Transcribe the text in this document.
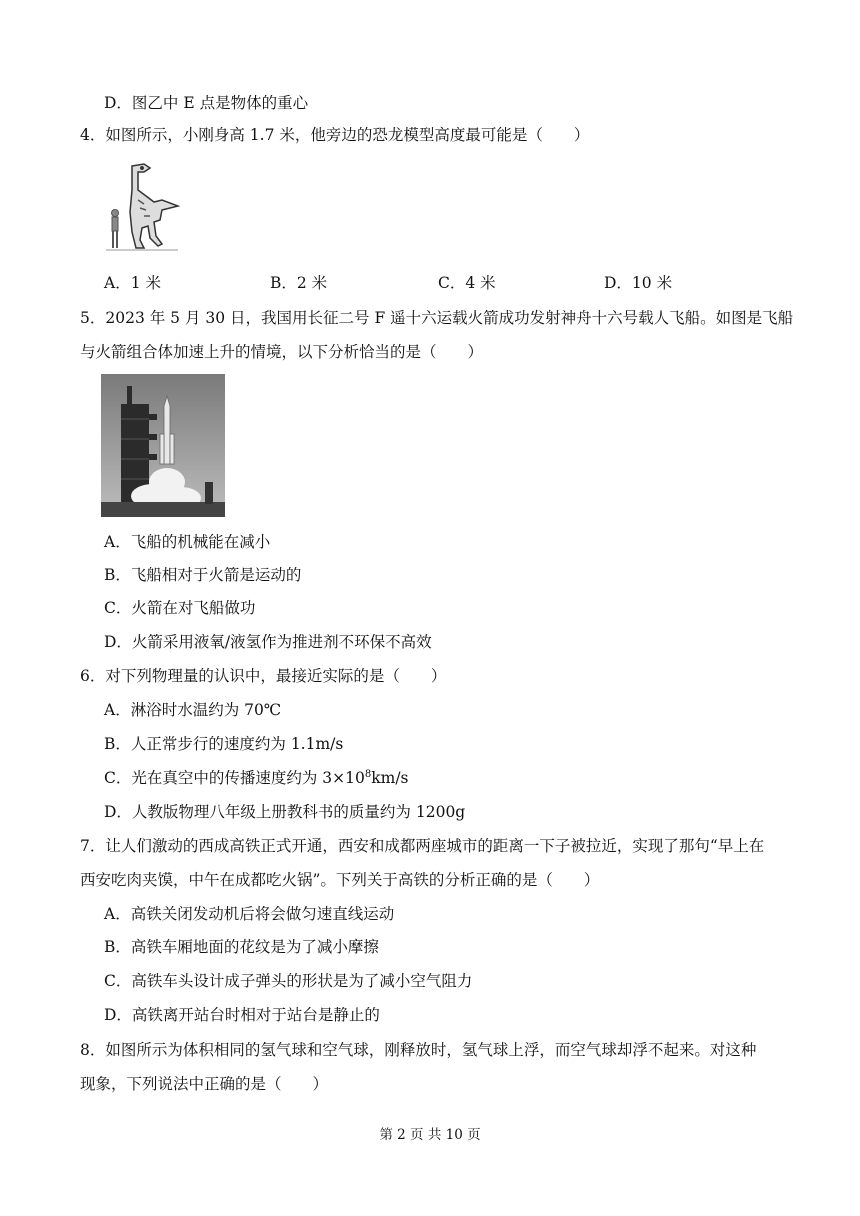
D．图乙中 E 点是物体的重心
4．如图所示，小刚身高 1.7 米，他旁边的恐龙模型高度最可能是（　　）
A．1 米	B．2 米	C．4 米	D．10 米
5．2023 年 5 月 30 日，我国用长征二号 F 遥十六运载火箭成功发射神舟十六号载人飞船。如图是飞船
与火箭组合体加速上升的情境，以下分析恰当的是（　　）
A．飞船的机械能在减小
B．飞船相对于火箭是运动的
C．火箭在对飞船做功
D．火箭采用液氧/液氢作为推进剂不环保不高效
6．对下列物理量的认识中，最接近实际的是（　　）
A．淋浴时水温约为 70℃
B．人正常步行的速度约为 1.1m/s
C．光在真空中的传播速度约为 $3\times 10^8km/s$
D．人教版物理八年级上册教科书的质量约为 1200g
7．让人们激动的西成高铁正式开通，西安和成都两座城市的距离一下子被拉近，实现了那句“早上在
西安吃肉夹馍，中午在成都吃火锅”。下列关于高铁的分析正确的是（　　）
A．高铁关闭发动机后将会做匀速直线运动
B．高铁车厢地面的花纹是为了减小摩擦
C．高铁车头设计成子弹头的形状是为了减小空气阻力
D．高铁离开站台时相对于站台是静止的
8．如图所示为体积相同的氢气球和空气球，刚释放时，氢气球上浮，而空气球却浮不起来。对这种
现象，下列说法中正确的是（　　）
第 2 页 共 10 页
